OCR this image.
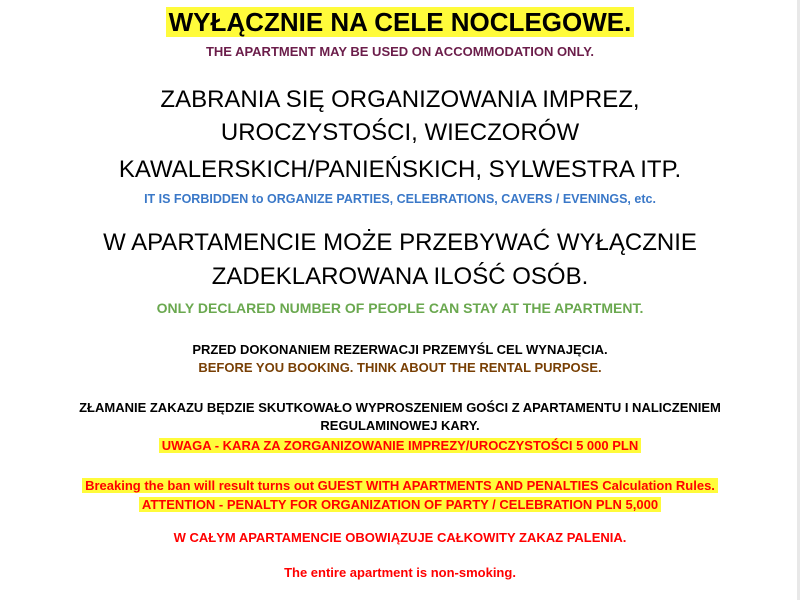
WYŁĄCZNIE NA CELE NOCLEGOWE.
THE APARTMENT MAY BE USED ON ACCOMMODATION ONLY.
ZABRANIA SIĘ ORGANIZOWANIA IMPREZ,
UROCZYSTOŚCI, WIECZORÓW
KAWALERSKICH/PANIEŃSKICH, SYLWESTRA ITP.
IT IS FORBIDDEN to ORGANIZE PARTIES, CELEBRATIONS, CAVERS / EVENINGS, etc.
W APARTAMENCIE MOŻE PRZEBYWAĆ WYŁĄCZNIE
ZADEKLAROWANA ILOŚĆ OSÓB.
ONLY DECLARED NUMBER OF PEOPLE CAN STAY AT THE APARTMENT.
PRZED DOKONANIEM REZERWACJI PRZEMYŚL CEL WYNAJĘCIA.
BEFORE YOU BOOKING. THINK ABOUT THE RENTAL PURPOSE.
ZŁAMANIE ZAKAZU BĘDZIE SKUTKOWAŁO WYPROSZENIEM GOŚCI Z APARTAMENTU I NALICZENIEM
REGULAMINOWEJ KARY.
UWAGA - KARA ZA ZORGANIZOWANIE IMPREZY/UROCZYSTOŚCI 5 000 PLN
Breaking the ban will result turns out GUEST WITH APARTMENTS AND PENALTIES Calculation Rules.
ATTENTION - PENALTY FOR ORGANIZATION OF PARTY / CELEBRATION PLN 5,000
W CAŁYM APARTAMENCIE OBOWIĄZUJE CAŁKOWITY ZAKAZ PALENIA.
The entire apartment is non-smoking.
